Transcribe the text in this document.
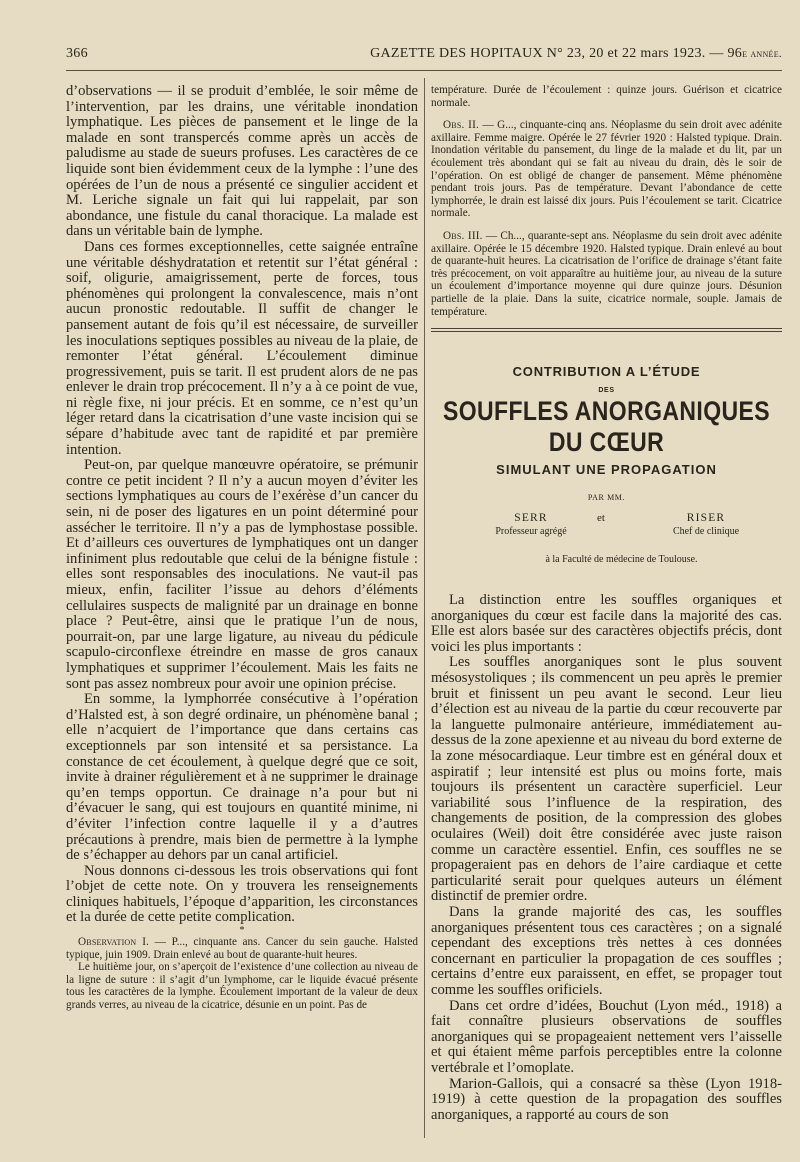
366	GAZETTE DES HOPITAUX N° 23, 20 et 22 mars 1923. — 96e année.

d’observations — il se produit d’emblée, le soir même de l’intervention, par les drains, une véritable inondation lymphatique. Les pièces de pansement et le linge de la malade en sont transpercés comme après un accès de paludisme au stade de sueurs profuses. Les caractères de ce liquide sont bien évidemment ceux de la lymphe : l’une des opérées de l’un de nous a présenté ce singulier accident et M. Leriche signale un fait qui lui rappelait, par son abondance, une fistule du canal thoracique. La malade est dans un véritable bain de lymphe.

Dans ces formes exceptionnelles, cette saignée entraîne une véritable déshydratation et retentit sur l’état général : soif, oligurie, amaigrissement, perte de forces, tous phénomènes qui prolongent la convalescence, mais n’ont aucun pronostic redoutable. Il suffit de changer le pansement autant de fois qu’il est nécessaire, de surveiller les inoculations septiques possibles au niveau de la plaie, de remonter l’état général. L’écoulement diminue progressivement, puis se tarit. Il est prudent alors de ne pas enlever le drain trop précocement. Il n’y a à ce point de vue, ni règle fixe, ni jour précis. Et en somme, ce n’est qu’un léger retard dans la cicatrisation d’une vaste incision qui se sépare d’habitude avec tant de rapidité et par première intention.

Peut-on, par quelque manœuvre opératoire, se prémunir contre ce petit incident ? Il n’y a aucun moyen d’éviter les sections lymphatiques au cours de l’exérèse d’un cancer du sein, ni de poser des ligatures en un point déterminé pour assécher le territoire. Il n’y a pas de lymphostase possible. Et d’ailleurs ces ouvertures de lymphatiques ont un danger infiniment plus redoutable que celui de la bénigne fistule : elles sont responsables des inoculations. Ne vaut-il pas mieux, enfin, faciliter l’issue au dehors d’éléments cellulaires suspects de malignité par un drainage en bonne place ? Peut-être, ainsi que le pratique l’un de nous, pourrait-on, par une large ligature, au niveau du pédicule scapulo-circonflexe étreindre en masse de gros canaux lymphatiques et supprimer l’écoulement. Mais les faits ne sont pas assez nombreux pour avoir une opinion précise.

En somme, la lymphorrée consécutive à l’opération d’Halsted est, à son degré ordinaire, un phénomène banal ; elle n’acquiert de l’importance que dans certains cas exceptionnels par son intensité et sa persistance. La constance de cet écoulement, à quelque degré que ce soit, invite à drainer régulièrement et à ne supprimer le drainage qu’en temps opportun. Ce drainage n’a pour but ni d’évacuer le sang, qui est toujours en quantité minime, ni d’éviter l’infection contre laquelle il y a d’autres précautions à prendre, mais bien de permettre à la lymphe de s’échapper au dehors par un canal artificiel.

Nous donnons ci-dessous les trois observations qui font l’objet de cette note. On y trouvera les renseignements cliniques habituels, l’époque d’apparition, les circonstances et la durée de cette petite complication.

*

Observation I. — P..., cinquante ans. Cancer du sein gauche. Halsted typique, juin 1909. Drain enlevé au bout de quarante-huit heures.

Le huitième jour, on s’aperçoit de l’existence d’une collection au niveau de la ligne de suture : il s’agit d’un lymphome, car le liquide évacué présente tous les caractères de la lymphe. Écoulement important de la valeur de deux grands verres, au niveau de la cicatrice, désunie en un point. Pas de

température. Durée de l’écoulement : quinze jours. Guérison et cicatrice normale.

Obs. II. — G..., cinquante-cinq ans. Néoplasme du sein droit avec adénite axillaire. Femme maigre. Opérée le 27 février 1920 : Halsted typique. Drain. Inondation véritable du pansement, du linge de la malade et du lit, par un écoulement très abondant qui se fait au niveau du drain, dès le soir de l’opération. On est obligé de changer de pansement. Même phénomène pendant trois jours. Pas de température. Devant l’abondance de cette lymphorrée, le drain est laissé dix jours. Puis l’écoulement se tarit. Cicatrice normale.

Obs. III. — Ch..., quarante-sept ans. Néoplasme du sein droit avec adénite axillaire. Opérée le 15 décembre 1920. Halsted typique. Drain enlevé au bout de quarante-huit heures. La cicatrisation de l’orifice de drainage s’étant faite très précocement, on voit apparaître au huitième jour, au niveau de la suture un écoulement d’importance moyenne qui dure quinze jours. Désunion partielle de la plaie. Dans la suite, cicatrice normale, souple. Jamais de température.

CONTRIBUTION A L’ÉTUDE
DES
SOUFFLES ANORGANIQUES DU CŒUR
SIMULANT UNE PROPAGATION
PAR MM.
SERR
Professeur agrégé
et	RISER
Chef de clinique
à la Faculté de médecine de Toulouse.

La distinction entre les souffles organiques et anorganiques du cœur est facile dans la majorité des cas. Elle est alors basée sur des caractères objectifs précis, dont voici les plus importants :

Les souffles anorganiques sont le plus souvent mésosystoliques ; ils commencent un peu après le premier bruit et finissent un peu avant le second. Leur lieu d’élection est au niveau de la partie du cœur recouverte par la languette pulmonaire antérieure, immédiatement au-dessus de la zone apexienne et au niveau du bord externe de la zone mésocardiaque. Leur timbre est en général doux et aspiratif ; leur intensité est plus ou moins forte, mais toujours ils présentent un caractère superficiel. Leur variabilité sous l’influence de la respiration, des changements de position, de la compression des globes oculaires (Weil) doit être considérée avec juste raison comme un caractère essentiel. Enfin, ces souffles ne se propageraient pas en dehors de l’aire cardiaque et cette particularité serait pour quelques auteurs un élément distinctif de premier ordre.

Dans la grande majorité des cas, les souffles anorganiques présentent tous ces caractères ; on a signalé cependant des exceptions très nettes à ces données concernant en particulier la propagation de ces souffles ; certains d’entre eux paraissent, en effet, se propager tout comme les souffles orificiels.

Dans cet ordre d’idées, Bouchut (Lyon méd., 1918) a fait connaître plusieurs observations de souffles anorganiques qui se propageaient nettement vers l’aisselle et qui étaient même parfois perceptibles entre la colonne vertébrale et l’omoplate.

Marion-Gallois, qui a consacré sa thèse (Lyon 1918-1919) à cette question de la propagation des souffles anorganiques, a rapporté au cours de son
